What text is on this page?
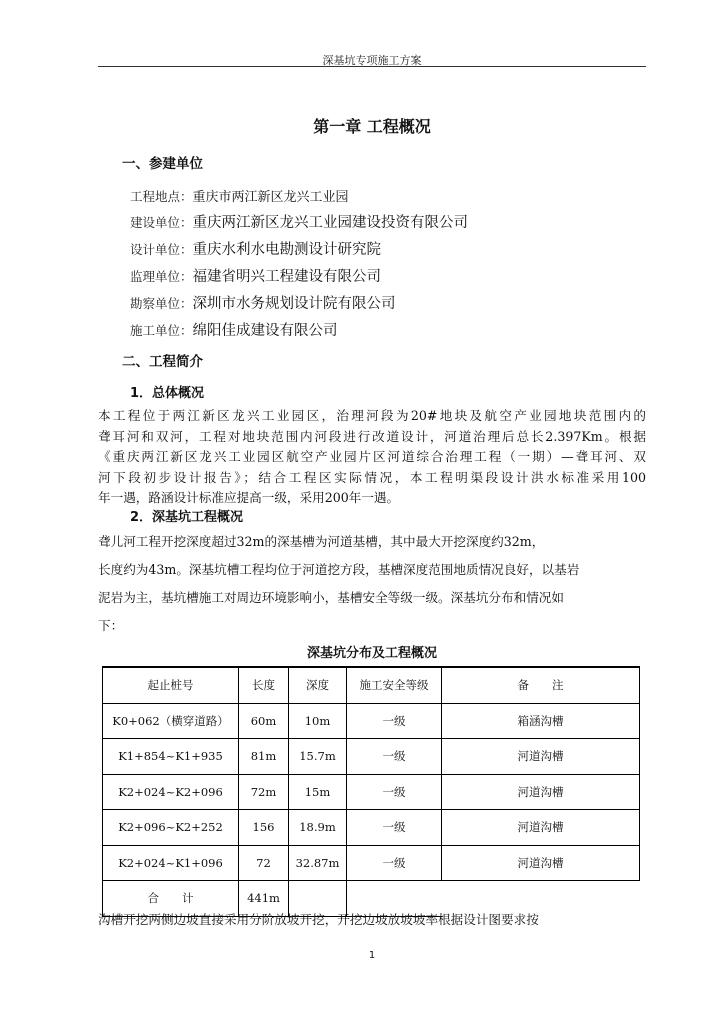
深基坑专项施工方案
第一章 工程概况
一、参建单位
工程地点：重庆市两江新区龙兴工业园
建设单位：重庆两江新区龙兴工业园建设投资有限公司
设计单位：重庆水利水电勘测设计研究院
监理单位：福建省明兴工程建设有限公司
勘察单位：深圳市水务规划设计院有限公司
施工单位：绵阳佳成建设有限公司
二、工程简介
1．总体概况
本工程位于两江新区龙兴工业园区，治理河段为20#地块及航空产业园地块范围内的
聋耳河和双河，工程对地块范围内河段进行改道设计，河道治理后总长2.397Km。根据
《重庆两江新区龙兴工业园区航空产业园片区河道综合治理工程（一期）—聋耳河、双
河下段初步设计报告》；结合工程区实际情况，本工程明渠段设计洪水标准采用100
年一遇，路涵设计标准应提高一级，采用200年一遇。
2．深基坑工程概况
聋儿河工程开挖深度超过32m的深基槽为河道基槽，其中最大开挖深度约32m，
长度约为43m。深基坑槽工程均位于河道挖方段，基槽深度范围地质情况良好，以基岩
泥岩为主，基坑槽施工对周边环境影响小，基槽安全等级一级。深基坑分布和情况如
下：
深基坑分布及工程概况
起止桩号	长度	深度	施工安全等级	备　　注
K0+062（横穿道路）	60m	10m	一级	箱涵沟槽
K1+854~K1+935	81m	15.7m	一级	河道沟槽
K2+024~K2+096	72m	15m	一级	河道沟槽
K2+096~K2+252	156	18.9m	一级	河道沟槽
K2+024~K1+096	72	32.87m	一级	河道沟槽
合　　计	441m			
沟槽开挖两侧边坡直接采用分阶放坡开挖，开挖边坡放坡坡率根据设计图要求按
1
